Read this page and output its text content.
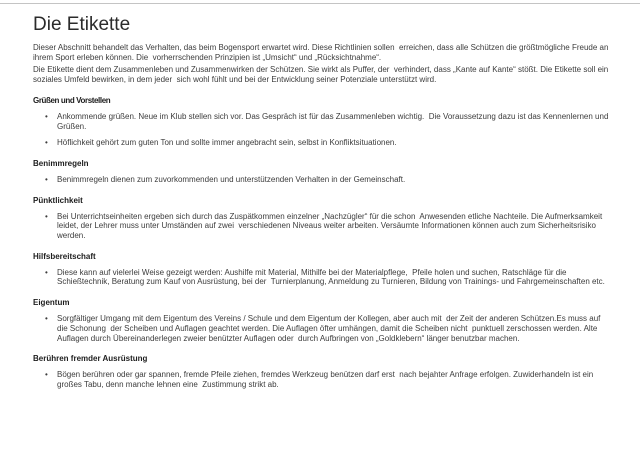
Die Etikette

Dieser Abschnitt behandelt das Verhalten, das beim Bogensport erwartet wird. Diese Richtlinien sollen  erreichen, dass alle Schützen die größtmögliche Freude an ihrem Sport erleben können. Die  vorherrschenden Prinzipien ist „Umsicht“ und „Rücksichtnahme“.

Die Etikette dient dem Zusammenleben und Zusammenwirken der Schützen. Sie wirkt als Puffer, der  verhindert, dass „Kante auf Kante“ stößt. Die Etikette soll ein soziales Umfeld bewirken, in dem jeder  sich wohl fühlt und bei der Entwicklung seiner Potenziale unterstützt wird.

Grüßen und Vorstellen
•	Ankommende grüßen. Neue im Klub stellen sich vor. Das Gespräch ist für das Zusammenleben wichtig.  Die Voraussetzung dazu ist das Kennenlernen und Grüßen.
•	Höflichkeit gehört zum guten Ton und sollte immer angebracht sein, selbst in Konfliktsituationen.
Benimmregeln
•	Benimmregeln dienen zum zuvorkommenden und unterstützenden Verhalten in der Gemeinschaft.
Pünktlichkeit
•	Bei Unterrichtseinheiten ergeben sich durch das Zuspätkommen einzelner „Nachzügler“ für die schon  Anwesenden etliche Nachteile. Die Aufmerksamkeit leidet, der Lehrer muss unter Umständen auf zwei  verschiedenen Niveaus weiter arbeiten. Versäumte Informationen können auch zum Sicherheitsrisiko  werden.
Hilfsbereitschaft
•	Diese kann auf vielerlei Weise gezeigt werden: Aushilfe mit Material, Mithilfe bei der Materialpflege,  Pfeile holen und suchen, Ratschläge für die Schießtechnik, Beratung zum Kauf von Ausrüstung, bei der  Turnierplanung, Anmeldung zu Turnieren, Bildung von Trainings- und Fahrgemeinschaften etc.
Eigentum
•	Sorgfältiger Umgang mit dem Eigentum des Vereins / Schule und dem Eigentum der Kollegen, aber auch mit  der Zeit der anderen Schützen.Es muss auf die Schonung  der Scheiben und Auflagen geachtet werden. Die Auflagen öfter umhängen, damit die Scheiben nicht  punktuell zerschossen werden. Alte Auflagen durch Übereinanderlegen zweier benützter Auflagen oder  durch Aufbringen von „Goldklebern“ länger benutzbar machen.
Berühren fremder Ausrüstung
•	Bögen berühren oder gar spannen, fremde Pfeile ziehen, fremdes Werkzeug benützen darf erst  nach bejahter Anfrage erfolgen. Zuwiderhandeln ist ein großes Tabu, denn manche lehnen eine  Zustimmung strikt ab.
